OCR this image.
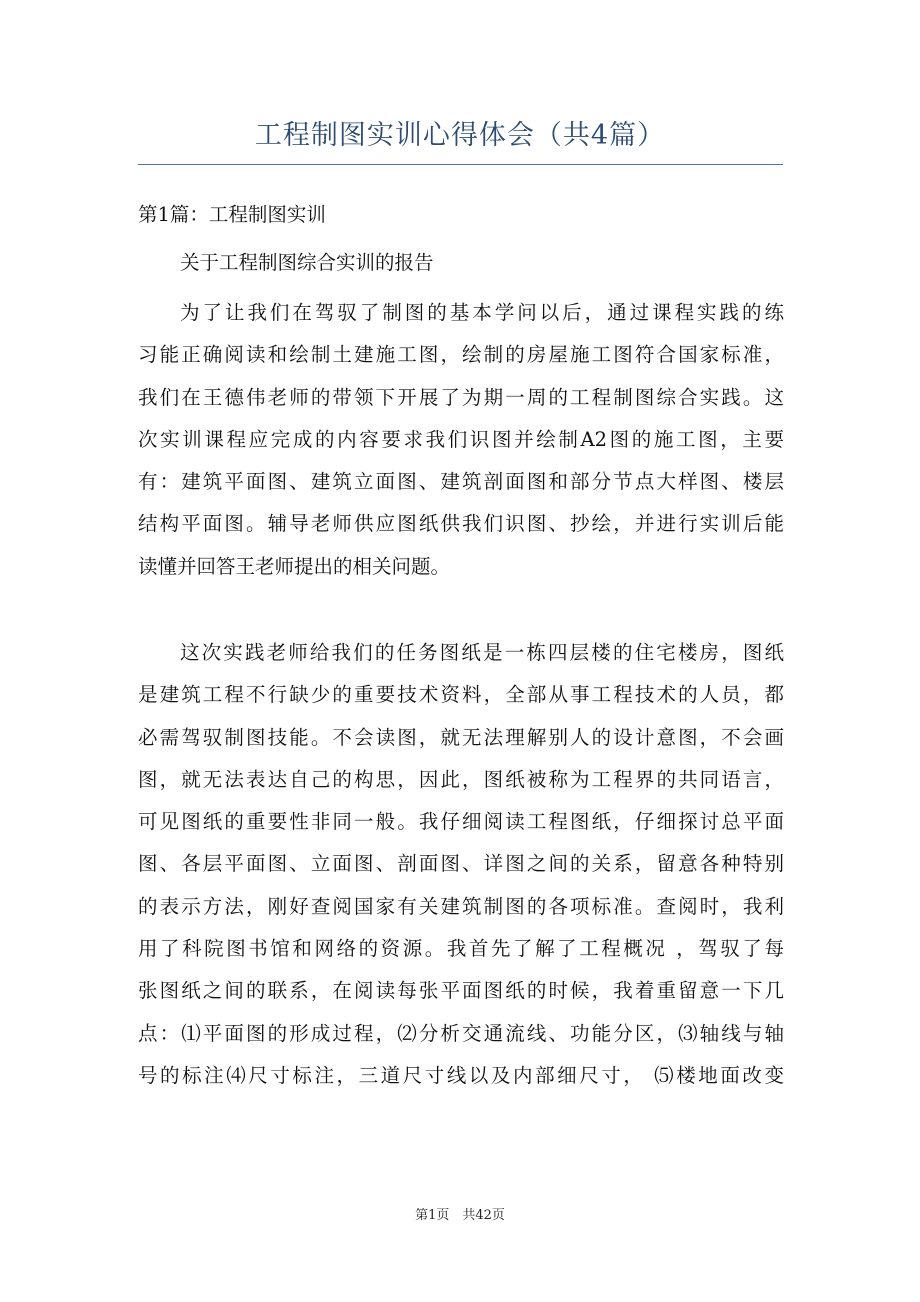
工程制图实训心得体会（共4篇）
第1篇：工程制图实训
关于工程制图综合实训的报告

为了让我们在驾驭了制图的基本学问以后，通过课程实践的练
习能正确阅读和绘制土建施工图，绘制的房屋施工图符合国家标准，
我们在王德伟老师的带领下开展了为期一周的工程制图综合实践。这
次实训课程应完成的内容要求我们识图并绘制A2图的施工图，主要
有：建筑平面图、建筑立面图、建筑剖面图和部分节点大样图、楼层
结构平面图。辅导老师供应图纸供我们识图、抄绘，并进行实训后能
读懂并回答王老师提出的相关问题。

这次实践老师给我们的任务图纸是一栋四层楼的住宅楼房，图纸
是建筑工程不行缺少的重要技术资料，全部从事工程技术的人员，都
必需驾驭制图技能。不会读图，就无法理解别人的设计意图，不会画
图，就无法表达自己的构思，因此，图纸被称为工程界的共同语言，
可见图纸的重要性非同一般。我仔细阅读工程图纸，仔细探讨总平面
图、各层平面图、立面图、剖面图、详图之间的关系，留意各种特别
的表示方法，刚好查阅国家有关建筑制图的各项标准。查阅时，我利
用了科院图书馆和网络的资源。我首先了解了工程概况 ，驾驭了每
张图纸之间的联系，在阅读每张平面图纸的时候，我着重留意一下几
点：⑴平面图的形成过程，⑵分析交通流线、功能分区，⑶轴线与轴
号的标注⑷尺寸标注，三道尺寸线以及内部细尺寸， ⑸楼地面改变

第1页　共42页
